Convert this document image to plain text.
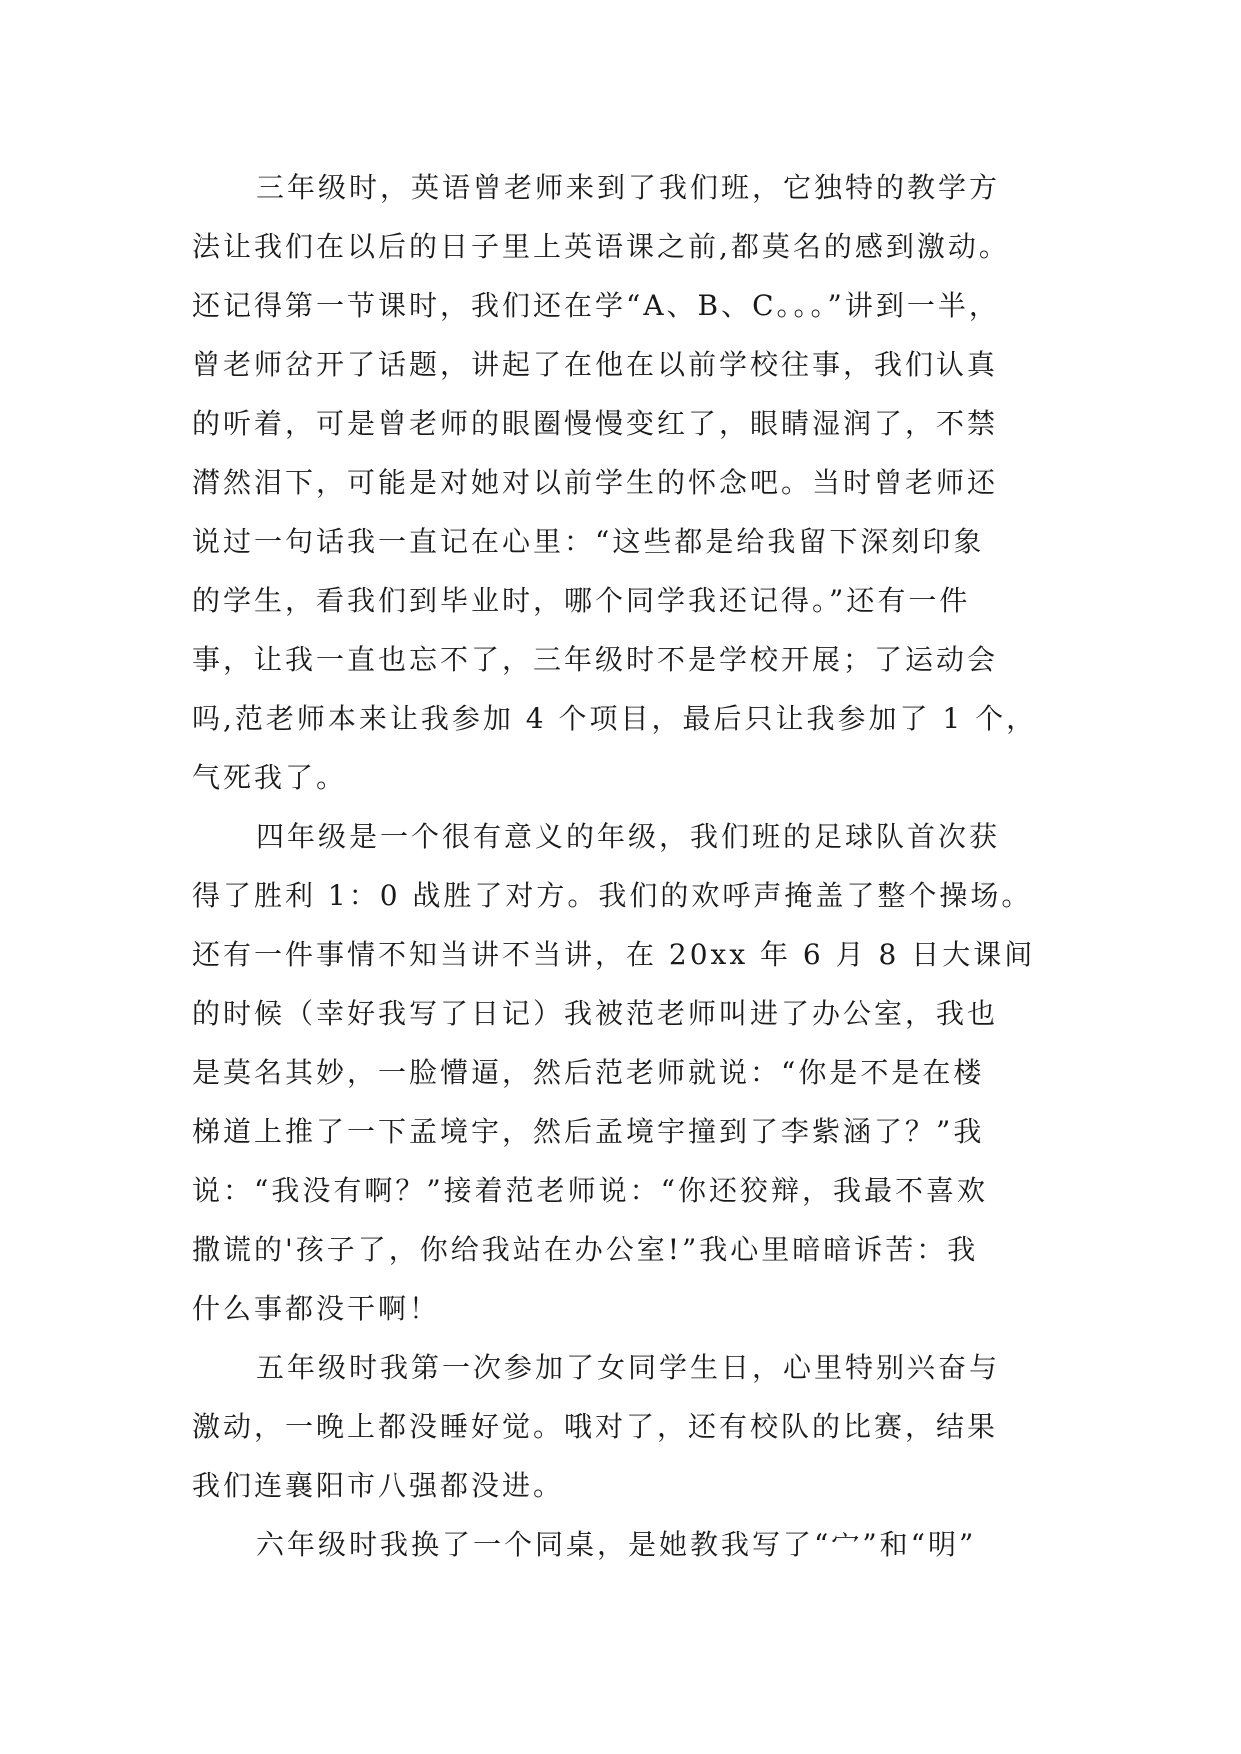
三年级时，英语曾老师来到了我们班，它独特的教学方
法让我们在以后的日子里上英语课之前,都莫名的感到激动。
还记得第一节课时，我们还在学“A、B、C。。。”讲到一半，
曾老师岔开了话题，讲起了在他在以前学校往事，我们认真
的听着，可是曾老师的眼圈慢慢变红了，眼睛湿润了，不禁
潸然泪下，可能是对她对以前学生的怀念吧。当时曾老师还
说过一句话我一直记在心里：“这些都是给我留下深刻印象
的学生，看我们到毕业时，哪个同学我还记得。”还有一件
事，让我一直也忘不了，三年级时不是学校开展；了运动会
吗,范老师本来让我参加 4 个项目，最后只让我参加了 1 个，
气死我了。
四年级是一个很有意义的年级，我们班的足球队首次获
得了胜利 1：0 战胜了对方。我们的欢呼声掩盖了整个操场。
还有一件事情不知当讲不当讲，在 20xx 年 6 月 8 日大课间
的时候（幸好我写了日记）我被范老师叫进了办公室，我也
是莫名其妙，一脸懵逼，然后范老师就说：“你是不是在楼
梯道上推了一下孟境宇，然后孟境宇撞到了李紫涵了？”我
说：“我没有啊？”接着范老师说：“你还狡辩，我最不喜欢
撒谎的'孩子了，你给我站在办公室!”我心里暗暗诉苦：我
什么事都没干啊！
五年级时我第一次参加了女同学生日，心里特别兴奋与
激动，一晚上都没睡好觉。哦对了，还有校队的比赛，结果
我们连襄阳市八强都没进。
六年级时我换了一个同桌，是她教我写了“宀”和“明”
